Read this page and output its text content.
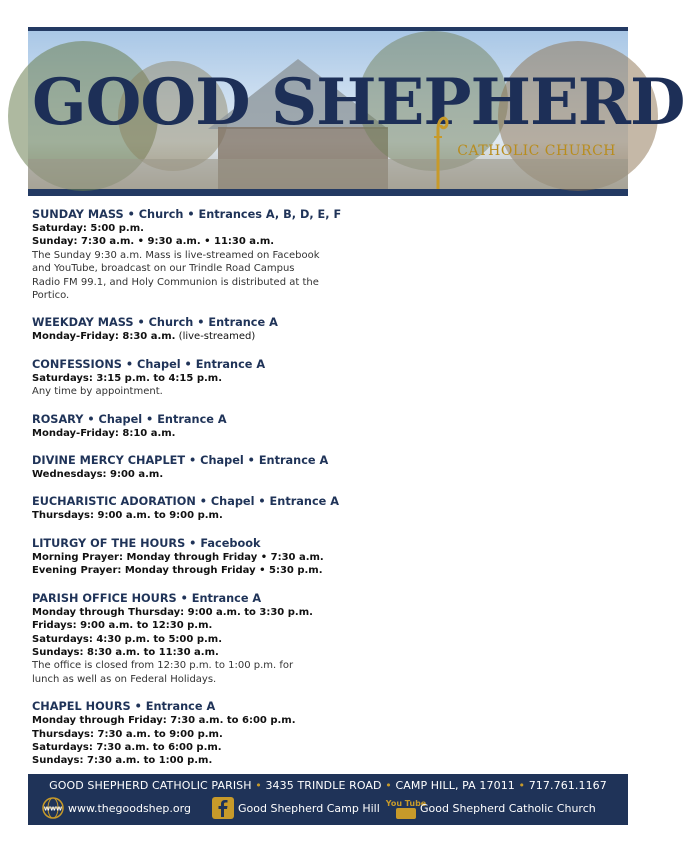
GOOD SHEPHERD
CATHOLIC CHURCH
SUNDAY MASS • Church • Entrances A, B, D, E, F
Saturday: 5:00 p.m.
Sunday: 7:30 a.m. • 9:30 a.m. • 11:30 a.m.
The Sunday 9:30 a.m. Mass is live-streamed on Facebook and YouTube, broadcast on our Trindle Road Campus Radio FM 99.1, and Holy Communion is distributed at the Portico.
WEEKDAY MASS • Church • Entrance A
Monday-Friday: 8:30 a.m. (live-streamed)
CONFESSIONS • Chapel • Entrance A
Saturdays: 3:15 p.m. to 4:15 p.m.
Any time by appointment.
ROSARY • Chapel • Entrance A
Monday-Friday: 8:10 a.m.
DIVINE MERCY CHAPLET • Chapel • Entrance A
Wednesdays: 9:00 a.m.
EUCHARISTIC ADORATION • Chapel • Entrance A
Thursdays: 9:00 a.m. to 9:00 p.m.
LITURGY OF THE HOURS • Facebook
Morning Prayer: Monday through Friday • 7:30 a.m.
Evening Prayer: Monday through Friday • 5:30 p.m.
PARISH OFFICE HOURS • Entrance A
Monday through Thursday: 9:00 a.m. to 3:30 p.m.
Fridays: 9:00 a.m. to 12:30 p.m.
Saturdays: 4:30 p.m. to 5:00 p.m.
Sundays: 8:30 a.m. to 11:30 a.m.
The office is closed from 12:30 p.m. to 1:00 p.m. for lunch as well as on Federal Holidays.
CHAPEL HOURS • Entrance A
Monday through Friday: 7:30 a.m. to 6:00 p.m.
Thursdays: 7:30 a.m. to 9:00 p.m.
Saturdays: 7:30 a.m. to 6:00 p.m.
Sundays: 7:30 a.m. to 1:00 p.m.
GOOD SHEPHERD CATHOLIC PARISH • 3435 TRINDLE ROAD • CAMP HILL, PA 17011 • 717.761.1167
WWW www.thegoodshep.org	Good Shepherd Camp Hill You Tube
Good Shepherd Catholic Church
